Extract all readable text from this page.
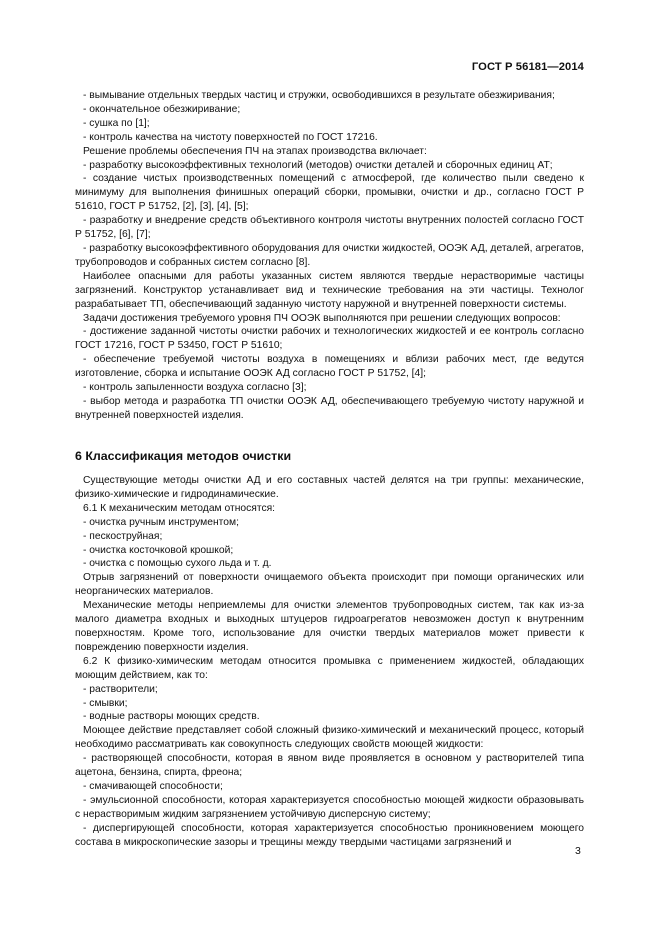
ГОСТ Р 56181—2014

- вымывание отдельных твердых частиц и стружки, освободившихся в результате обезжиривания;

- окончательное обезжиривание;

- сушка по [1];

- контроль качества на чистоту поверхностей по ГОСТ 17216.

Решение проблемы обеспечения ПЧ на этапах производства включает:

- разработку высокоэффективных технологий (методов) очистки деталей и сборочных единиц АТ;

- создание чистых производственных помещений с атмосферой, где количество пыли сведено к минимуму для выполнения финишных операций сборки, промывки, очистки и др., согласно ГОСТ Р 51610, ГОСТ Р 51752, [2], [3], [4], [5];

- разработку и внедрение средств объективного контроля чистоты внутренних полостей согласно ГОСТ Р 51752, [6], [7];

- разработку высокоэффективного оборудования для очистки жидкостей, ООЭК АД, деталей, агрегатов, трубопроводов и собранных систем согласно [8].

Наиболее опасными для работы указанных систем являются твердые нерастворимые частицы загрязнений. Конструктор устанавливает вид и технические требования на эти частицы. Технолог разрабатывает ТП, обеспечивающий заданную чистоту наружной и внутренней поверхности системы.

Задачи достижения требуемого уровня ПЧ ООЭК выполняются при решении следующих вопросов:

- достижение заданной чистоты очистки рабочих и технологических жидкостей и ее контроль согласно ГОСТ 17216, ГОСТ Р 53450, ГОСТ Р 51610;

- обеспечение требуемой чистоты воздуха в помещениях и вблизи рабочих мест, где ведутся изготовление, сборка и испытание ООЭК АД согласно ГОСТ Р 51752, [4];

- контроль запыленности воздуха согласно [3];

- выбор метода и разработка ТП очистки ООЭК АД, обеспечивающего требуемую чистоту наружной и внутренней поверхностей изделия.

6 Классификация методов очистки

Существующие методы очистки АД и его составных частей делятся на три группы: механические, физико-химические и гидродинамические.

6.1 К механическим методам относятся:

- очистка ручным инструментом;

- пескоструйная;

- очистка косточковой крошкой;

- очистка с помощью сухого льда и т. д.

Отрыв загрязнений от поверхности очищаемого объекта происходит при помощи органических или неорганических материалов.

Механические методы неприемлемы для очистки элементов трубопроводных систем, так как из-за малого диаметра входных и выходных штуцеров гидроагрегатов невозможен доступ к внутренним поверхностям. Кроме того, использование для очистки твердых материалов может привести к повреждению поверхности изделия.

6.2 К физико-химическим методам относится промывка с применением жидкостей, обладающих моющим действием, как то:

- растворители;

- смывки;

- водные растворы моющих средств.

Моющее действие представляет собой сложный физико-химический и механический процесс, который необходимо рассматривать как совокупность следующих свойств моющей жидкости:

- растворяющей способности, которая в явном виде проявляется в основном у растворителей типа ацетона, бензина, спирта, фреона;

- смачивающей способности;

- эмульсионной способности, которая характеризуется способностью моющей жидкости образовывать с нерастворимым жидким загрязнением устойчивую дисперсную систему;

- диспергирующей способности, которая характеризуется способностью проникновением моющего состава в микроскопические зазоры и трещины между твердыми частицами загрязнений и

3
